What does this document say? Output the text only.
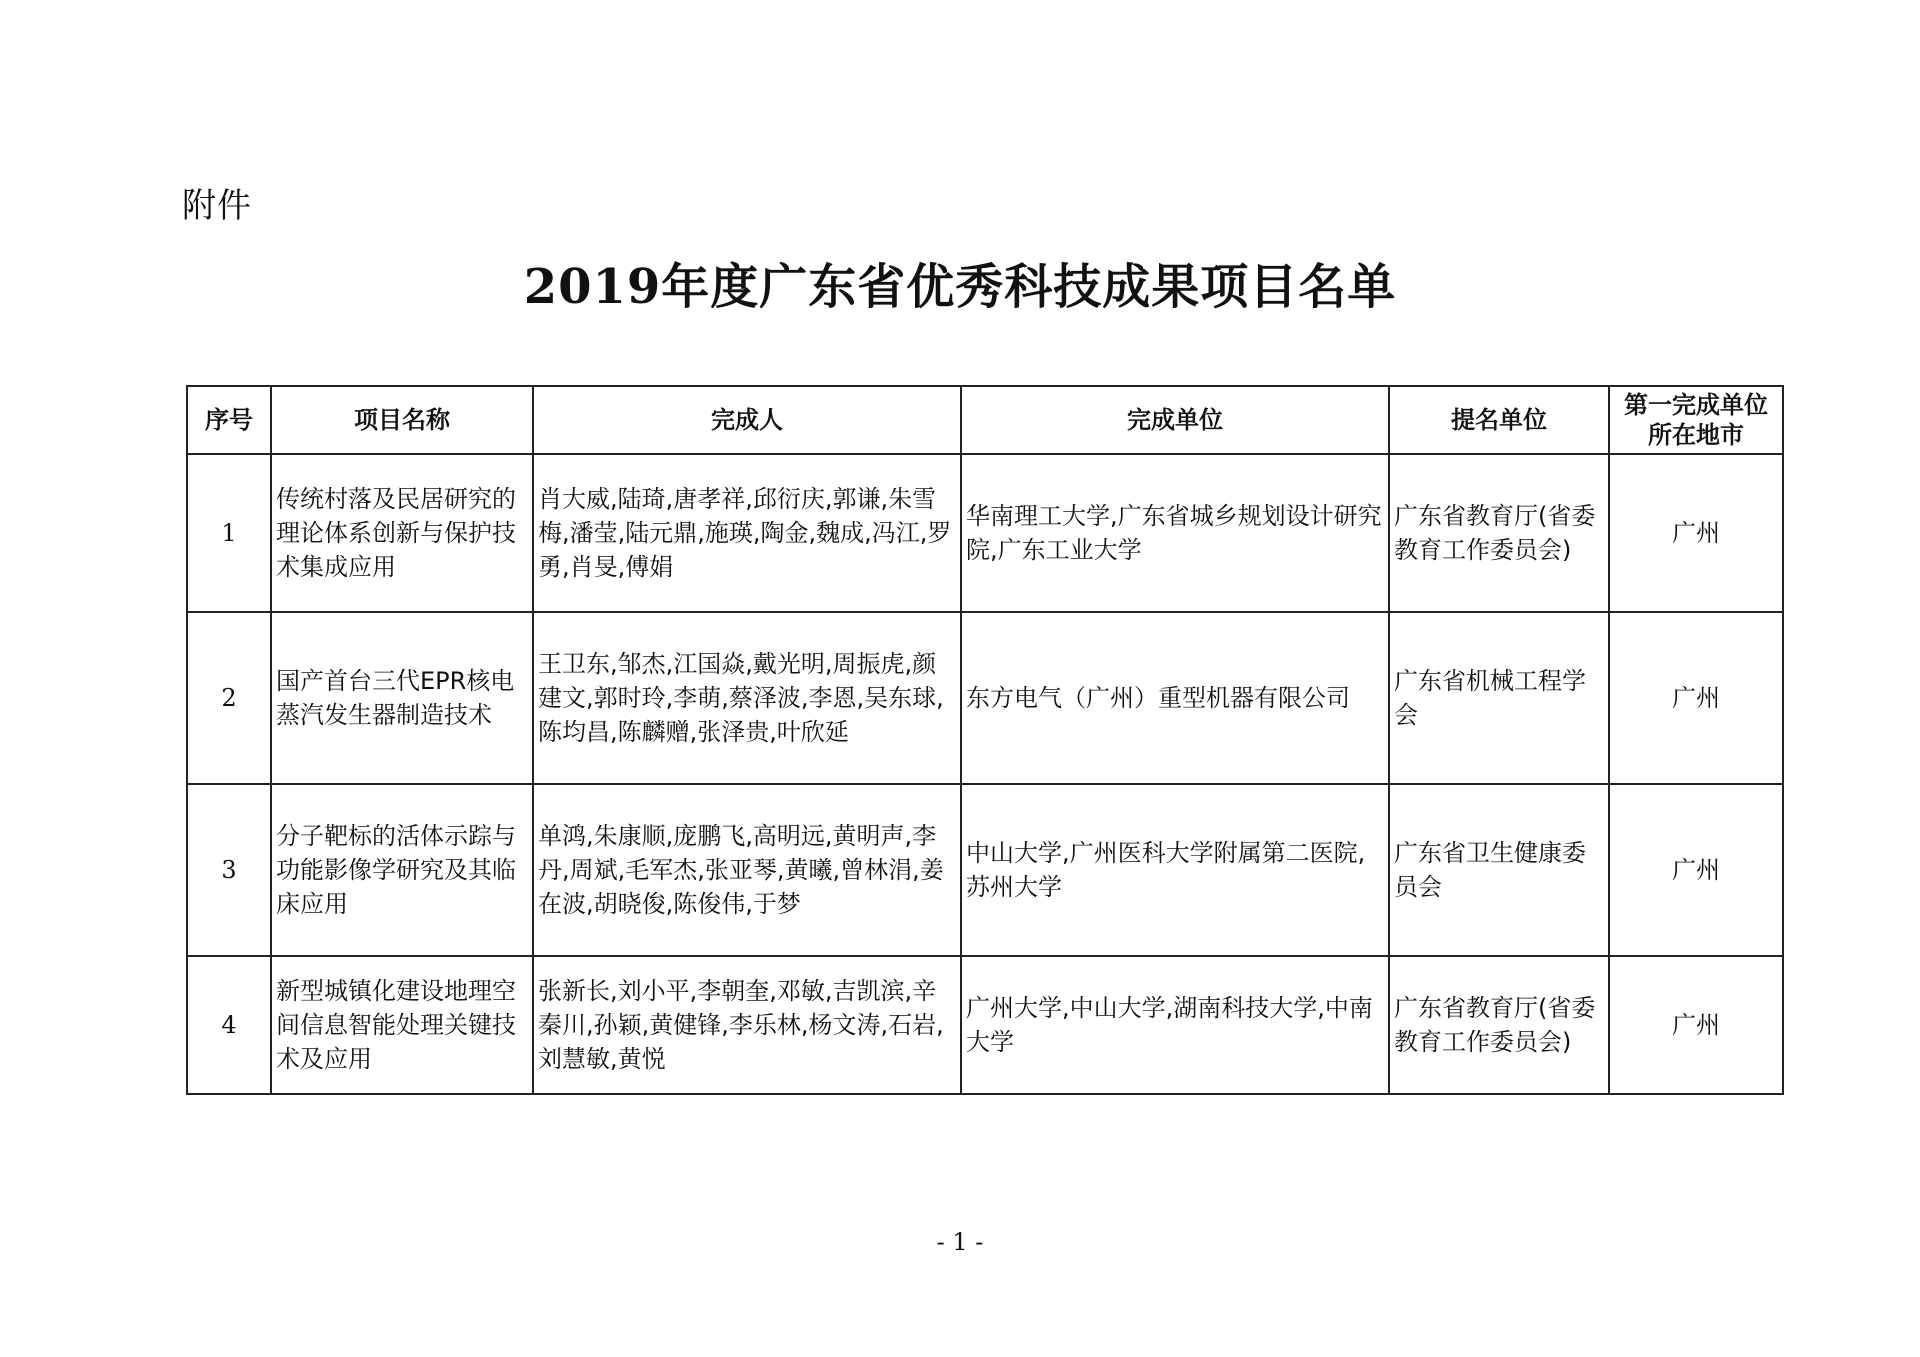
附件
2019年度广东省优秀科技成果项目名单
序号	项目名称	完成人	完成单位	提名单位	第一完成单位
所在地市

1	传统村落及民居研究的理论体系创新与保护技术集成应用	肖大威,陆琦,唐孝祥,邱衍庆,郭谦,朱雪梅,潘莹,陆元鼎,施瑛,陶金,魏成,冯江,罗勇,肖旻,傅娟	华南理工大学,广东省城乡规划设计研究院,广东工业大学	广东省教育厅(省委教育工作委员会)	广州
2	国产首台三代EPR核电蒸汽发生器制造技术	王卫东,邹杰,江国焱,戴光明,周振虎,颜建文,郭时玲,李萌,蔡泽波,李恩,吴东球,陈均昌,陈麟赠,张泽贵,叶欣延	东方电气（广州）重型机器有限公司	广东省机械工程学会	广州
3	分子靶标的活体示踪与功能影像学研究及其临床应用	单鸿,朱康顺,庞鹏飞,高明远,黄明声,李丹,周斌,毛军杰,张亚琴,黄曦,曾林涓,姜在波,胡晓俊,陈俊伟,于梦	中山大学,广州医科大学附属第二医院,苏州大学	广东省卫生健康委员会	广州
4	新型城镇化建设地理空间信息智能处理关键技术及应用	张新长,刘小平,李朝奎,邓敏,吉凯滨,辛秦川,孙颖,黄健锋,李乐林,杨文涛,石岩,刘慧敏,黄悦	广州大学,中山大学,湖南科技大学,中南大学	广东省教育厅(省委教育工作委员会)	广州
- 1 -
